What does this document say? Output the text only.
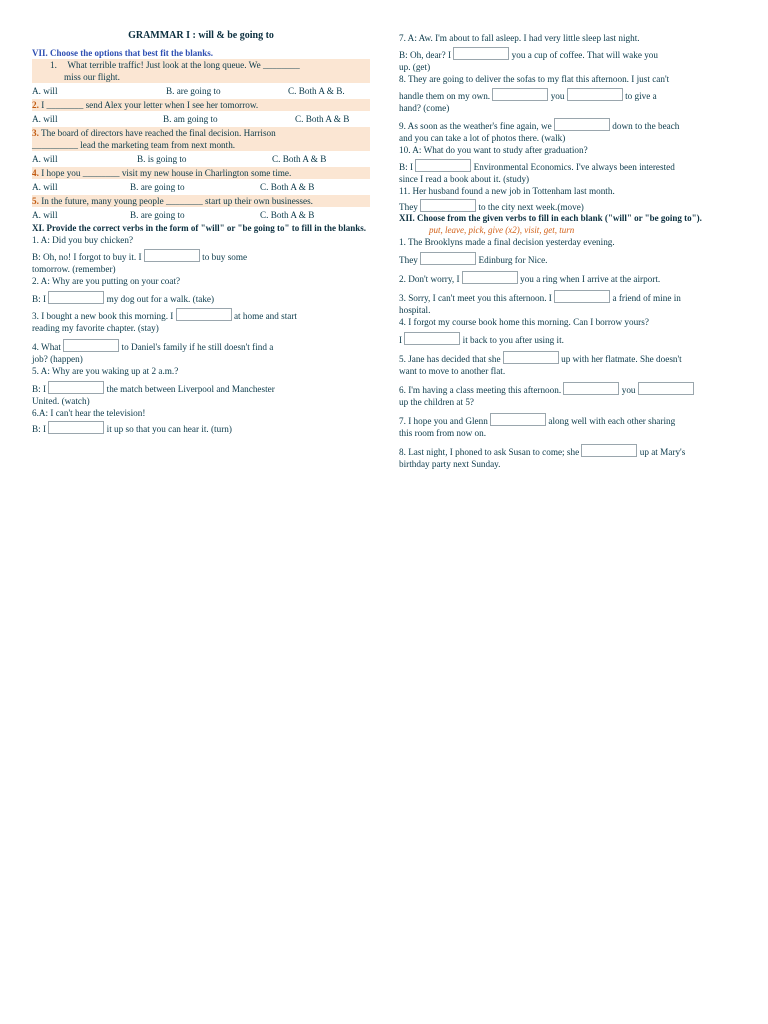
GRAMMAR I : will & be going to
VII. Choose the options that best fit the blanks.
1. What terrible traffic! Just look at the long queue. We ________
miss our flight.
A. will	B. are going to	C. Both A & B.
2. I ________ send Alex your letter when I see her tomorrow.
A. will	B. am going to	C. Both A & B
3. The board of directors have reached the final decision. Harrison
__________ lead the marketing team from next month.
A. will	B. is going to	C. Both A & B
4. I hope you ________ visit my new house in Charlington some time.
A. will	B. are going to	C. Both A & B
5. In the future, many young people ________ start up their own businesses.
A. will	B. are going to	C. Both A & B
XI. Provide the correct verbs in the form of "will" or "be going to" to fill in the blanks.
1. A: Did you buy chicken?
B: Oh, no! I forgot to buy it. I	to buy some
tomorrow. (remember)
2. A: Why are you putting on your coat?
B: I	my dog out for a walk. (take)
3. I bought a new book this morning. I	at home and start
reading my favorite chapter. (stay)
4. What	to Daniel's family if he still doesn't find a
job? (happen)
5. A: Why are you waking up at 2 a.m.?
B: I	the match between Liverpool and Manchester
United. (watch)
6.A: I can't hear the television!
B: I	it up so that you can hear it. (turn)
7. A: Aw. I'm about to fall asleep. I had very little sleep last night.
B: Oh, dear? I	you a cup of coffee. That will wake you
up. (get)
8. They are going to deliver the sofas to my flat this afternoon. I just can't
handle them on my own.	you	to give a
hand? (come)
9. As soon as the weather's fine again, we	down to the beach
and you can take a lot of photos there. (walk)
10. A: What do you want to study after graduation?
B: I	Environmental Economics. I've always been interested
since I read a book about it. (study)
11. Her husband found a new job in Tottenham last month.
They	to the city next week.(move)
XII. Choose from the given verbs to fill in each blank ("will" or "be going to").
put, leave, pick, give (x2), visit, get, turn
1. The Brooklyns made a final decision yesterday evening.
They	Edinburg for Nice.
2. Don't worry, I	you a ring when I arrive at the airport.
3. Sorry, I can't meet you this afternoon. I	a friend of mine in
hospital.
4. I forgot my course book home this morning. Can I borrow yours?
I	it back to you after using it.
5. Jane has decided that she	up with her flatmate. She doesn't
want to move to another flat.
6. I'm having a class meeting this afternoon.	you
up the children at 5?
7. I hope you and Glenn	along well with each other sharing
this room from now on.
8. Last night, I phoned to ask Susan to come; she	up at Mary's
birthday party next Sunday.
